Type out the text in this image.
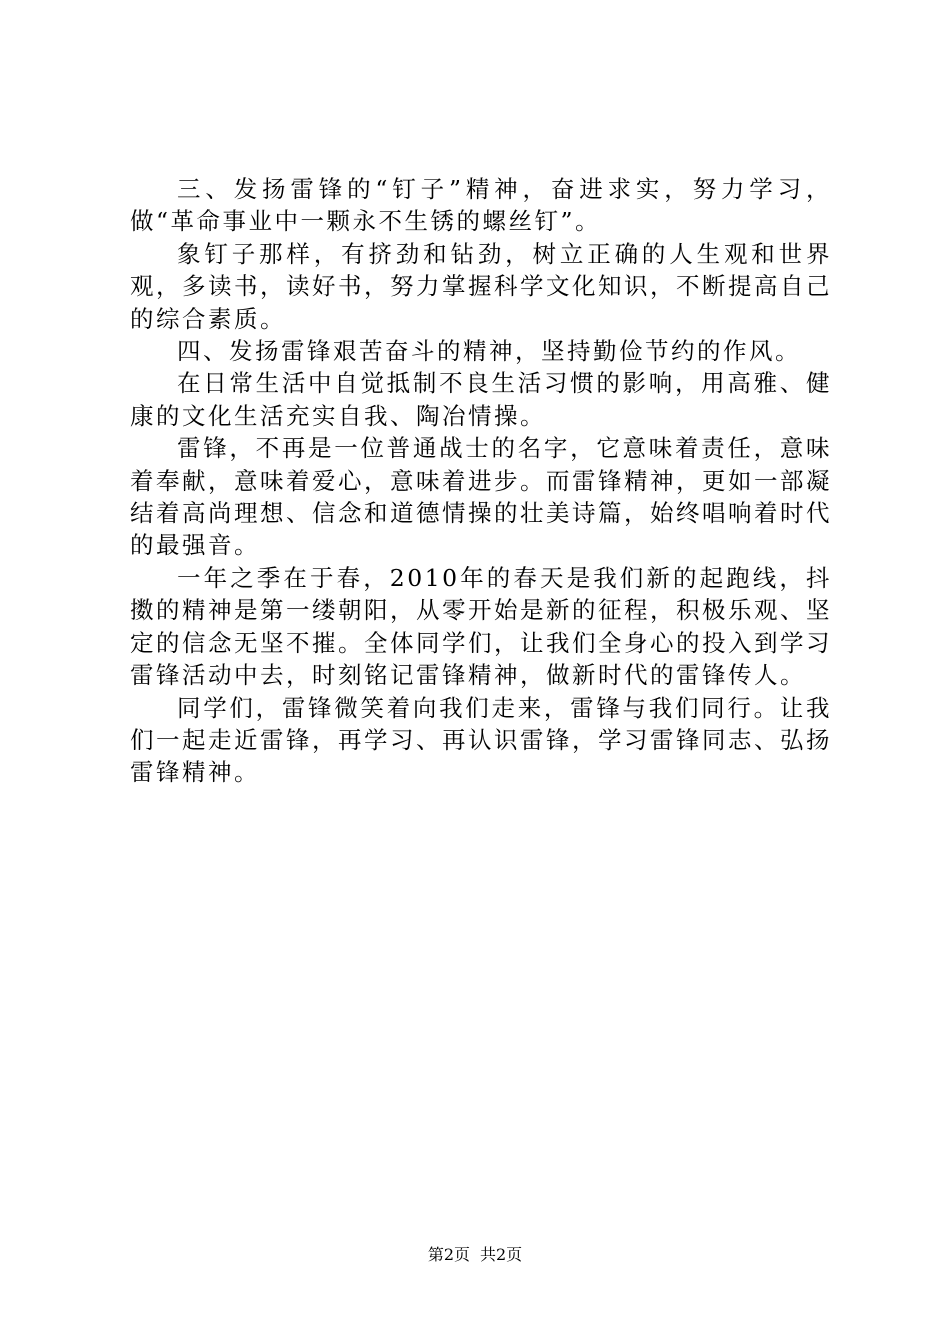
三、发扬雷锋的“钉子”精神，奋进求实，努力学习，做“革命事业中一颗永不生锈的螺丝钉”。

象钉子那样，有挤劲和钻劲，树立正确的人生观和世界观，多读书，读好书，努力掌握科学文化知识，不断提高自己的综合素质。

四、发扬雷锋艰苦奋斗的精神，坚持勤俭节约的作风。

在日常生活中自觉抵制不良生活习惯的影响，用高雅、健康的文化生活充实自我、陶冶情操。

雷锋，不再是一位普通战士的名字，它意味着责任，意味着奉献，意味着爱心，意味着进步。而雷锋精神，更如一部凝结着高尚理想、信念和道德情操的壮美诗篇，始终唱响着时代的最强音。

一年之季在于春，2010年的春天是我们新的起跑线，抖擞的精神是第一缕朝阳，从零开始是新的征程，积极乐观、坚定的信念无坚不摧。全体同学们，让我们全身心的投入到学习雷锋活动中去，时刻铭记雷锋精神，做新时代的雷锋传人。

同学们，雷锋微笑着向我们走来，雷锋与我们同行。让我们一起走近雷锋，再学习、再认识雷锋，学习雷锋同志、弘扬雷锋精神。

第2页 共2页
